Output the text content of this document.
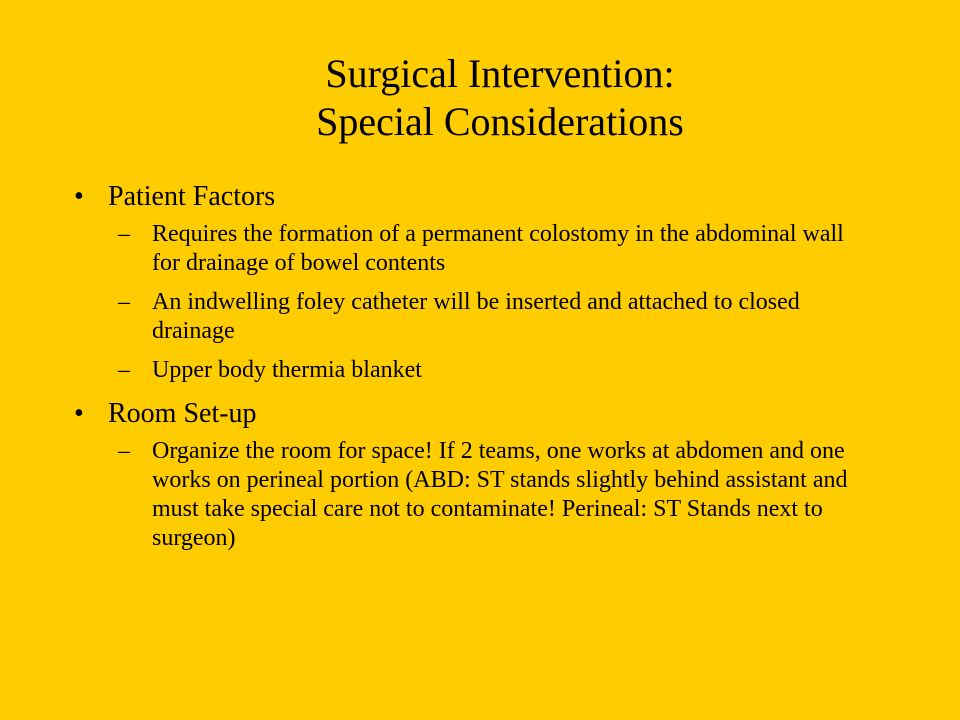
Surgical Intervention:
Special Considerations
• Patient Factors
– Requires the formation of a permanent colostomy in the abdominal wall for drainage of bowel contents
– An indwelling foley catheter will be inserted and attached to closed drainage
– Upper body thermia blanket
• Room Set-up
– Organize the room for space! If 2 teams, one works at abdomen and one works on perineal portion (ABD: ST stands slightly behind assistant and must take special care not to contaminate! Perineal: ST Stands next to surgeon)
